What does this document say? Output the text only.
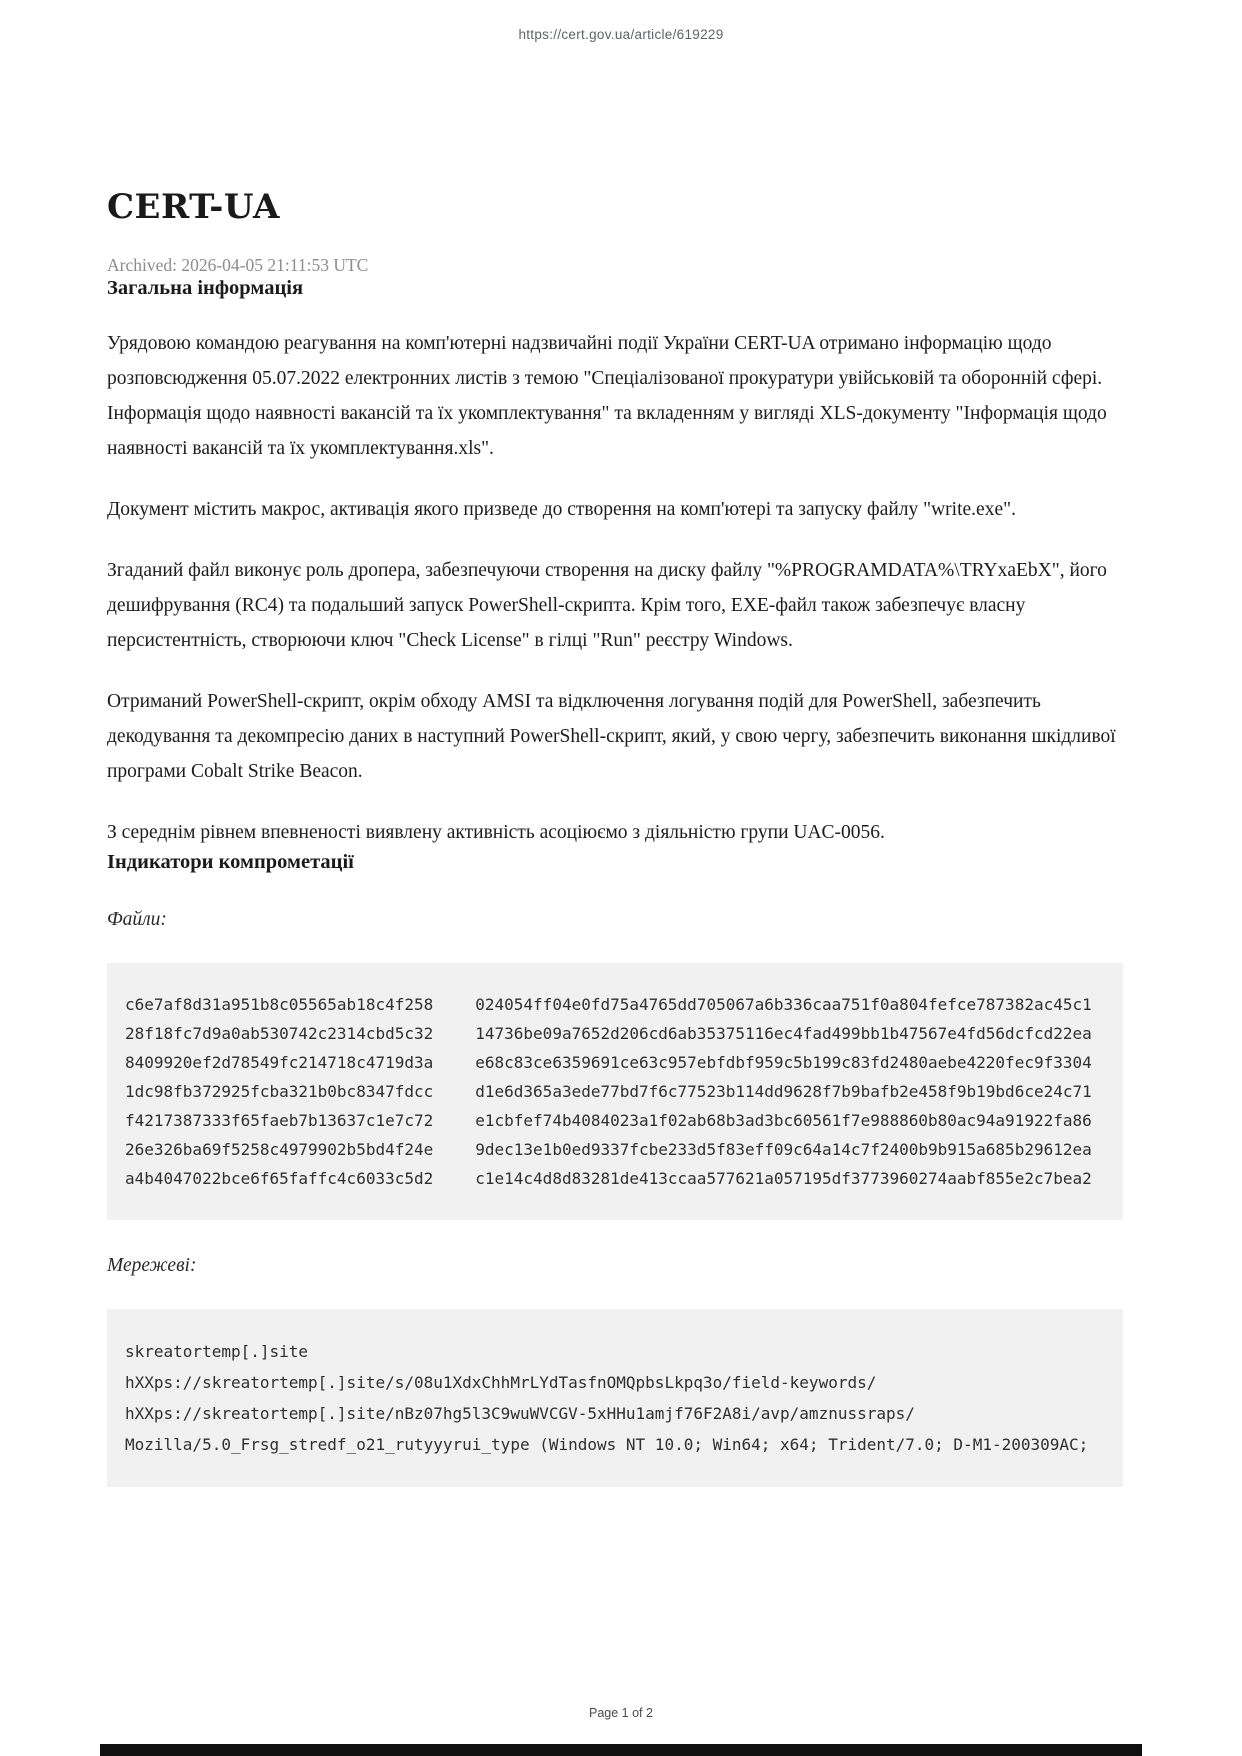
https://cert.gov.ua/article/619229
CERT-UA
Archived: 2026-04-05 21:11:53 UTC
Загальна інформація

Урядовою командою реагування на комп'ютерні надзвичайні події України CERT-UA отримано інформацію щодо розповсюдження 05.07.2022 електронних листів з темою "Спеціалізованої прокуратури увійськовій та оборонній сфері. Інформація щодо наявності вакансій та їх укомплектування" та вкладенням у вигляді XLS-документу "Інформація щодо наявності вакансій та їх укомплектування.xls".

Документ містить макрос, активація якого призведе до створення на комп'ютері та запуску файлу "write.exe".

Згаданий файл виконує роль дропера, забезпечуючи створення на диску файлу "%PROGRAMDATA%\TRYxaEbX", його дешифрування (RC4) та подальший запуск PowerShell-скрипта. Крім того, EXE-файл також забезпечує власну персистентність, створюючи ключ "Check License" в гілці "Run" реєстру Windows.

Отриманий PowerShell-скрипт, окрім обходу AMSI та відключення логування подій для PowerShell, забезпечить декодування та декомпресію даних в наступний PowerShell-скрипт, який, у свою чергу, забезпечить виконання шкідливої програми Cobalt Strike Beacon.

З середнім рівнем впевненості виявлену активність асоціюємо з діяльністю групи UAC-0056.

Індикатори компрометації
Файли:
c6e7af8d31a951b8c05565ab18c4f258	024054ff04e0fd75a4765dd705067a6b336caa751f0a804fefce787382ac45c1
28f18fc7d9a0ab530742c2314cbd5c32	14736be09a7652d206cd6ab35375116ec4fad499bb1b47567e4fd56dcfcd22ea
8409920ef2d78549fc214718c4719d3a	e68c83ce6359691ce63c957ebfdbf959c5b199c83fd2480aebe4220fec9f3304
1dc98fb372925fcba321b0bc8347fdcc	d1e6d365a3ede77bd7f6c77523b114dd9628f7b9bafb2e458f9b19bd6ce24c71
f4217387333f65faeb7b13637c1e7c72	e1cbfef74b4084023a1f02ab68b3ad3bc60561f7e988860b80ac94a91922fa86
26e326ba69f5258c4979902b5bd4f24e	9dec13e1b0ed9337fcbe233d5f83eff09c64a14c7f2400b9b915a685b29612ea
a4b4047022bce6f65faffc4c6033c5d2	c1e14c4d8d83281de413ccaa577621a057195df3773960274aabf855e2c7bea2
Мережеві:
skreatortemp[.]site
hXXps://skreatortemp[.]site/s/08u1XdxChhMrLYdTasfnOMQpbsLkpq3o/field-keywords/
hXXps://skreatortemp[.]site/nBz07hg5l3C9wuWVCGV-5xHHu1amjf76F2A8i/avp/amznussraps/
Mozilla/5.0_Frsg_stredf_o21_rutyyyrui_type (Windows NT 10.0; Win64; x64; Trident/7.0; D-M1-200309AC;
Page 1 of 2
